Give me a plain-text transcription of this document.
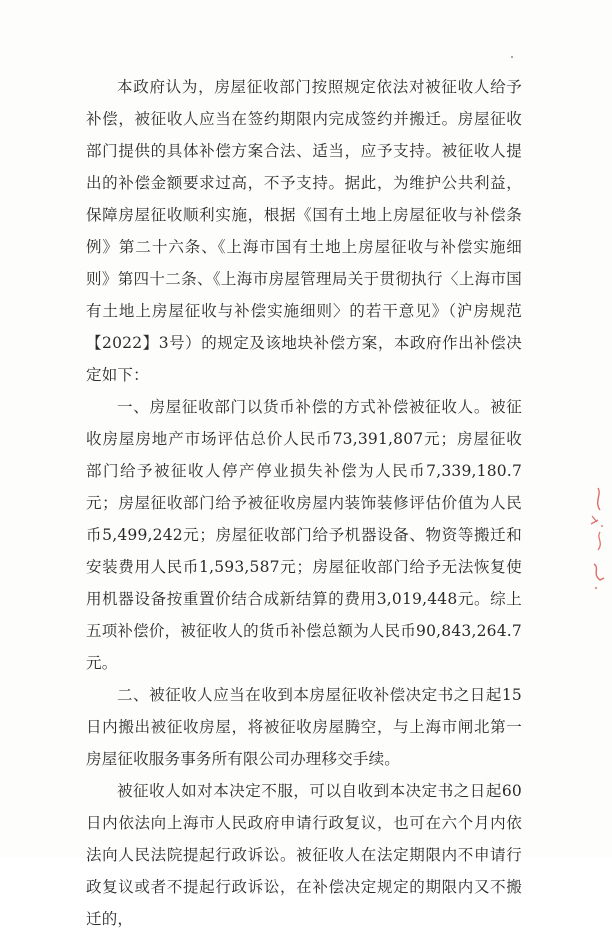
本政府认为，房屋征收部门按照规定依法对被征收人给予补偿，被征收人应当在签约期限内完成签约并搬迁。房屋征收部门提供的具体补偿方案合法、适当，应予支持。被征收人提出的补偿金额要求过高，不予支持。据此，为维护公共利益，保障房屋征收顺利实施，根据《国有土地上房屋征收与补偿条例》第二十六条、《上海市国有土地上房屋征收与补偿实施细则》第四十二条、《上海市房屋管理局关于贯彻执行〈上海市国有土地上房屋征收与补偿实施细则〉的若干意见》（沪房规范【2022】3号）的规定及该地块补偿方案，本政府作出补偿决定如下：

一、房屋征收部门以货币补偿的方式补偿被征收人。被征收房屋房地产市场评估总价人民币73,391,807元；房屋征收部门给予被征收人停产停业损失补偿为人民币7,339,180.7元；房屋征收部门给予被征收房屋内装饰装修评估价值为人民币5,499,242元；房屋征收部门给予机器设备、物资等搬迁和安装费用人民币1,593,587元；房屋征收部门给予无法恢复使用机器设备按重置价结合成新结算的费用3,019,448元。综上五项补偿价，被征收人的货币补偿总额为人民币90,843,264.7元。

二、被征收人应当在收到本房屋征收补偿决定书之日起15日内搬出被征收房屋，将被征收房屋腾空，与上海市闸北第一房屋征收服务事务所有限公司办理移交手续。

被征收人如对本决定不服，可以自收到本决定书之日起60日内依法向上海市人民政府申请行政复议，也可在六个月内依法向人民法院提起行政诉讼。被征收人在法定期限内不申请行政复议或者不提起行政诉讼，在补偿决定规定的期限内又不搬迁的，
